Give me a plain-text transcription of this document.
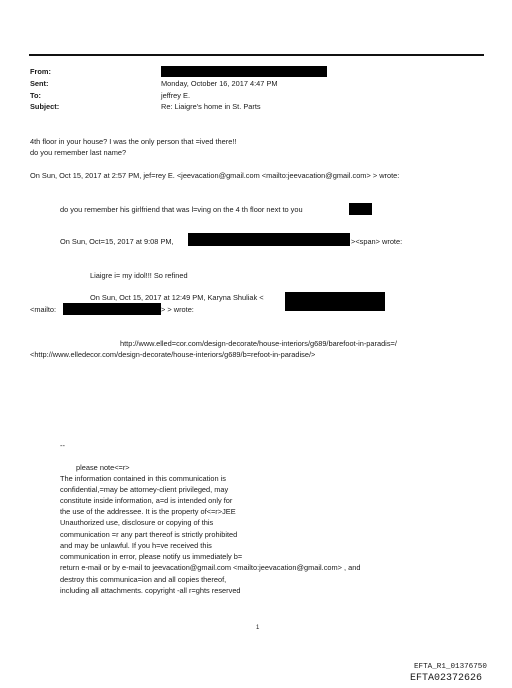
From:
Sent:
To:
Subject:
Monday, October 16, 2017 4:47 PM
jeffrey E.
Re: Liaigre's home in St. Parts
4th floor in your house? I was the only person that =ived there!!
do you remember last name?
On Sun, Oct 15, 2017 at 2:57 PM, jef=rey E. <jeevacation@gmail.com <mailto:jeevacation@gmail.com> > wrote:
do you remember his girlfriend that was l=ving on the 4 th floor next to you
On Sun, Oct=15, 2017 at 9:08 PM,	><span> wrote:
Liaigre i= my idol!!! So refined
On Sun, Oct 15, 2017 at 12:49 PM, Karyna Shuliak <
<mailto:	> > wrote:
http://www.elled=cor.com/design-decorate/house-interiors/g689/barefoot-in-paradis=/
<http://www.elledecor.com/design-decorate/house-interiors/g689/b=refoot-in-paradise/>
--
please note<=r>
The information contained in this communication is
confidential,=may be attorney-client privileged, may
constitute inside information, a=d is intended only for
the use of the addressee. It is the property of<=r>JEE
Unauthorized use, disclosure or copying of this
communication =r any part thereof is strictly prohibited
and may be unlawful. If you h=ve received this
communication in error, please notify us immediately b=
return e-mail or by e-mail to jeevacation@gmail.com <mailto:jeevacation@gmail.com> , and
destroy this communica=ion and all copies thereof,
including all attachments. copyright -all r=ghts reserved
1
EFTA_R1_01376750
EFTA02372626
